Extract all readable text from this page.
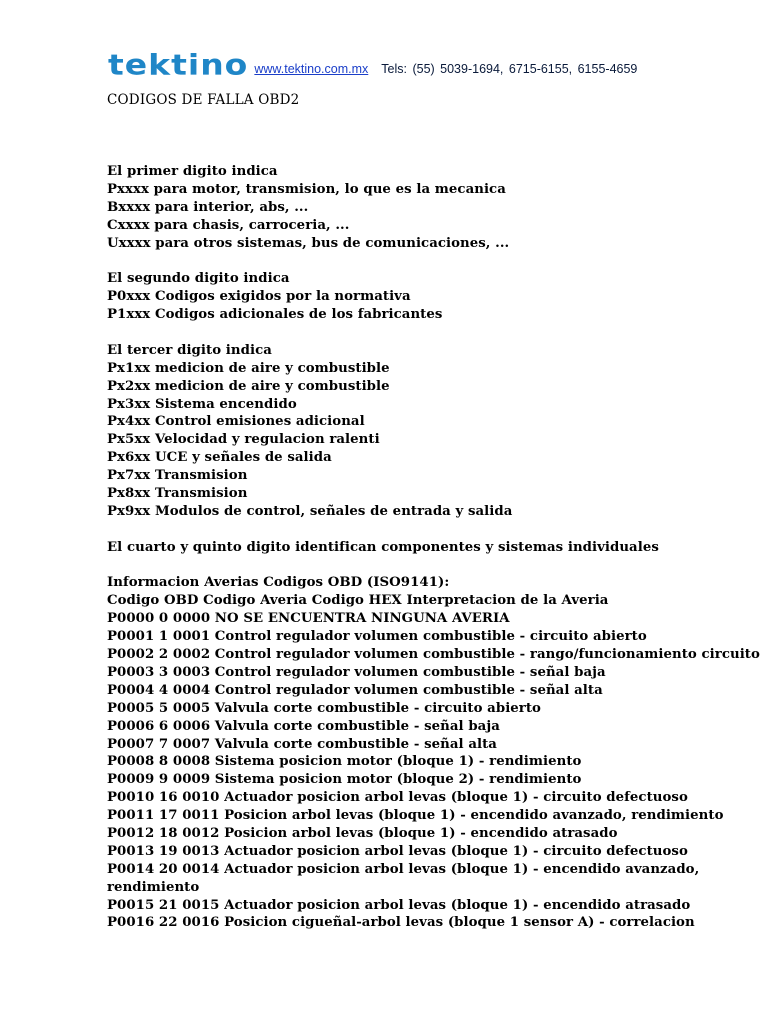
tektino www.tektino.com.mx Tels: (55) 5039-1694, 6715-6155, 6155-4659
CODIGOS DE FALLA OBD2
El primer digito indica
Pxxxx para motor, transmision, lo que es la mecanica
Bxxxx para interior, abs, ...
Cxxxx para chasis, carroceria, ...
Uxxxx para otros sistemas, bus de comunicaciones, ...
El segundo digito indica
P0xxx Codigos exigidos por la normativa
P1xxx Codigos adicionales de los fabricantes
El tercer digito indica
Px1xx medicion de aire y combustible
Px2xx medicion de aire y combustible
Px3xx Sistema encendido
Px4xx Control emisiones adicional
Px5xx Velocidad y regulacion ralenti
Px6xx UCE y señales de salida
Px7xx Transmision
Px8xx Transmision
Px9xx Modulos de control, señales de entrada y salida
El cuarto y quinto digito identifican componentes y sistemas individuales
Informacion Averias Codigos OBD (ISO9141):
Codigo OBD Codigo Averia Codigo HEX Interpretacion de la Averia
P0000 0 0000 NO SE ENCUENTRA NINGUNA AVERIA
P0001 1 0001 Control regulador volumen combustible - circuito abierto
P0002 2 0002 Control regulador volumen combustible - rango/funcionamiento circuito
P0003 3 0003 Control regulador volumen combustible - señal baja
P0004 4 0004 Control regulador volumen combustible - señal alta
P0005 5 0005 Valvula corte combustible - circuito abierto
P0006 6 0006 Valvula corte combustible - señal baja
P0007 7 0007 Valvula corte combustible - señal alta
P0008 8 0008 Sistema posicion motor (bloque 1) - rendimiento
P0009 9 0009 Sistema posicion motor (bloque 2) - rendimiento
P0010 16 0010 Actuador posicion arbol levas (bloque 1) - circuito defectuoso
P0011 17 0011 Posicion arbol levas (bloque 1) - encendido avanzado, rendimiento
P0012 18 0012 Posicion arbol levas (bloque 1) - encendido atrasado
P0013 19 0013 Actuador posicion arbol levas (bloque 1) - circuito defectuoso
P0014 20 0014 Actuador posicion arbol levas (bloque 1) - encendido avanzado,
rendimiento
P0015 21 0015 Actuador posicion arbol levas (bloque 1) - encendido atrasado
P0016 22 0016 Posicion cigueñal-arbol levas (bloque 1 sensor A) - correlacion
